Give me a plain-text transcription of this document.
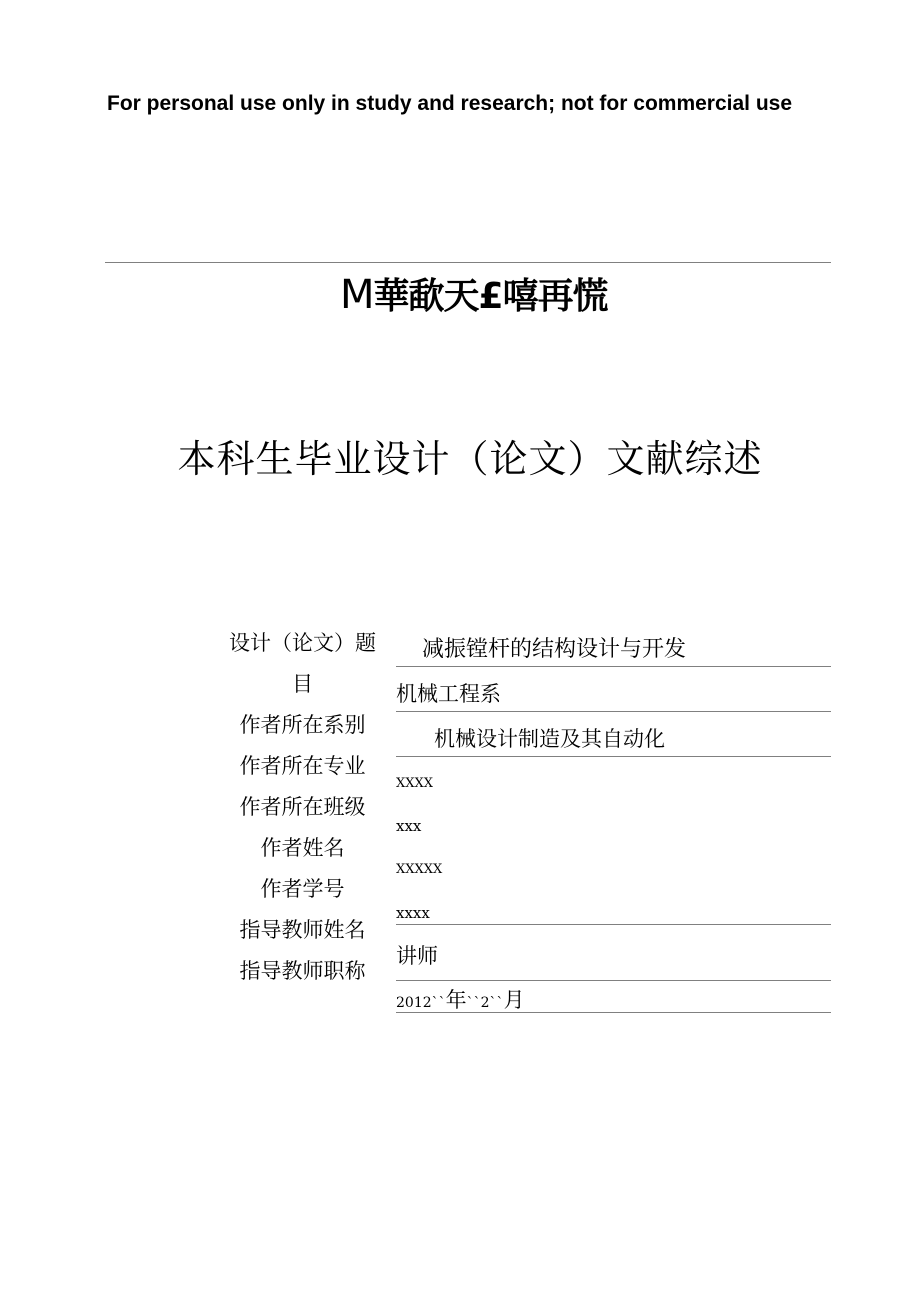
For personal use only in study and research; not for commercial use

M華歃天£嘻再慌
本科生毕业设计（论文）文献综述
设计（论文）题
目
作者所在系别
作者所在专业
作者所在班级
作者姓名
作者学号
指导教师姓名
指导教师职称
减振镗杆的结构设计与开发
机械工程系
机械设计制造及其自动化
XXXX
xxx
XXXXX
xxxx
讲师
2012``年``2``月
